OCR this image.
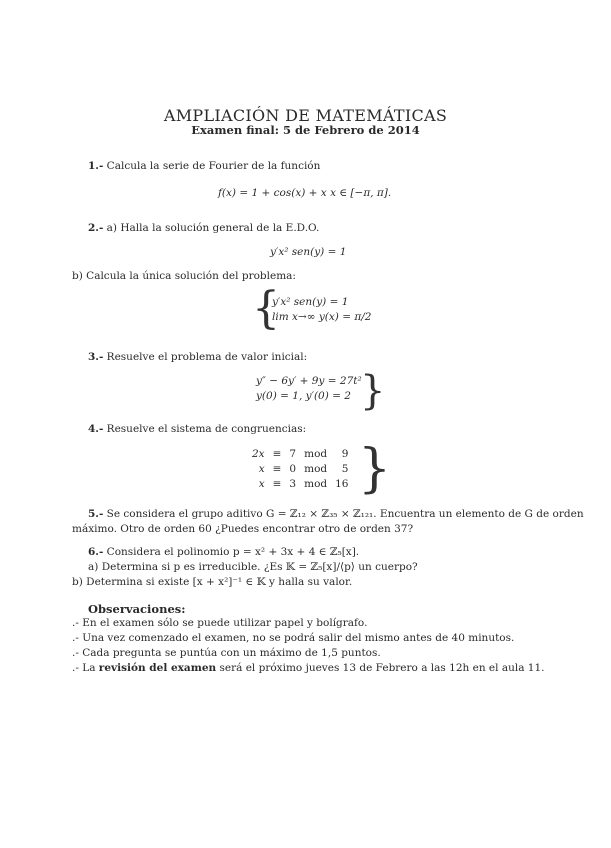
AMPLIACIÓN DE MATEMÁTICAS
Examen final: 5 de Febrero de 2014
1.- Calcula la serie de Fourier de la función
f(x) = 1 + cos(x) + x x ∈ [−π, π].
2.- a) Halla la solución general de la E.D.O.
y′x² sen(y) = 1
b) Calcula la única solución del problema:
{
y′x² sen(y) = 1
lim x→∞ y(x) = π/2
3.- Resuelve el problema de valor inicial:
y″ − 6y′ + 9y = 27t²
y(0) = 1, y′(0) = 2 }
4.- Resuelve el sistema de congruencias:
2x	≡	7	mod	9
x	≡	0	mod	5
x	≡	3	mod	16 }
5.- Se considera el grupo aditivo G = ℤ₁₂ × ℤ₃₅ × ℤ₁₂₁. Encuentra un elemento de G de orden
máximo. Otro de orden 60 ¿Puedes encontrar otro de orden 37?
6.- Considera el polinomio p = x² + 3x + 4 ∈ ℤ₅[x].
a) Determina si p es irreducible. ¿Es 𝕂 = ℤ₅[x]/⟨p⟩ un cuerpo?
b) Determina si existe [x + x²]⁻¹ ∈ 𝕂 y halla su valor.
Observaciones:
.- En el examen sólo se puede utilizar papel y bolígrafo.
.- Una vez comenzado el examen, no se podrá salir del mismo antes de 40 minutos.
.- Cada pregunta se puntúa con un máximo de 1,5 puntos.
.- La revisión del examen será el próximo jueves 13 de Febrero a las 12h en el aula 11.
